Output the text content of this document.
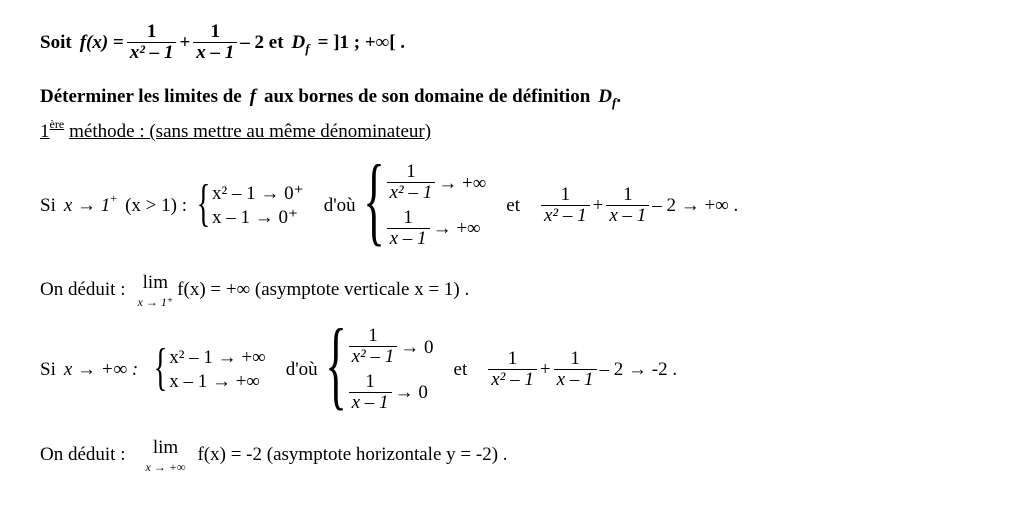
Soit $f(x) = \frac{1}{\text{x² – 1}} + \frac{1}{x - 1} - 2$ et D f = ]1 ; +∞[ .
Déterminer les limites de f aux bornes de son domaine de définition D f .
1 ère méthode : (sans mettre au même dénominateur)
Si x → 1 + (x > 1) : { x² – 1 → 0⁺
x – 1 → 0⁺
d'où { $\frac{1}{\text{x² – 1}}$ → +∞
$\frac{1}{x - 1}$ → +∞
et $\frac{1}{\text{x² – 1}} + \frac{1}{x - 1} - 2$ → +∞ .
On déduit : lim
x → 1⁺
f(x) = +∞ (asymptote verticale x = 1) .
Si x → +∞ : { x² – 1 → +∞
x – 1 → +∞
d'où { $\frac{1}{\text{x² – 1}} \to 0$
$\frac{1}{x - 1} \to 0$
et $\frac{1}{\text{x² – 1}} + \frac{1}{x - 1} - 2 \to -2$ .
On déduit : lim
x → +∞
f(x) = -2 (asymptote horizontale y = -2) .
